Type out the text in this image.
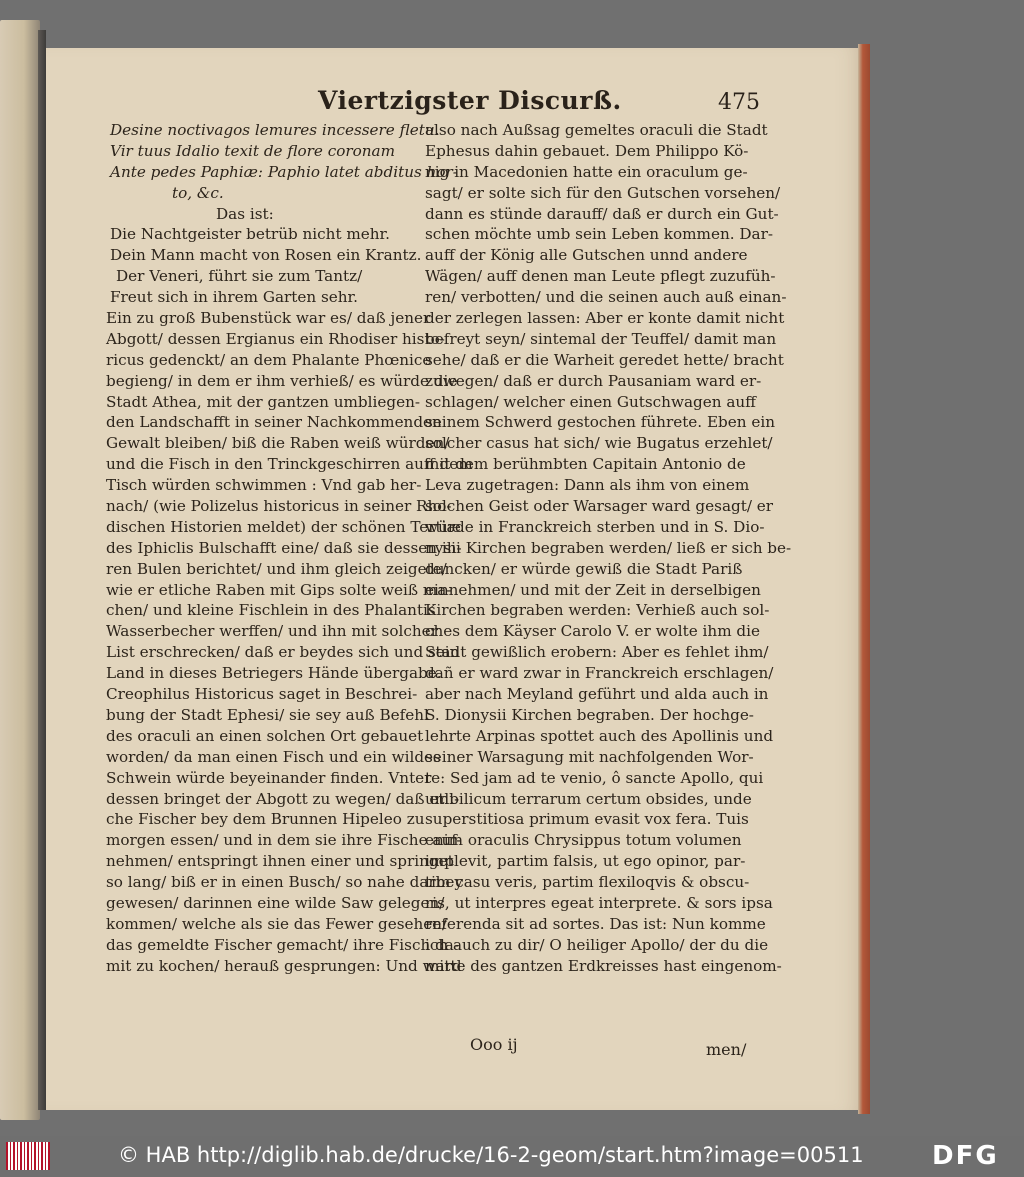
Viertzigster Discurß.	475
Desine noctivagos lemures incessere fletu.
Vir tuus Idalio texit de flore coronam
Ante pedes Paphiæ: Paphio latet abditus hor-
to, &c.
Das ist:
Die Nachtgeister betrüb nicht mehr.
Dein Mann macht von Rosen ein Krantz.
Der Veneri, führt sie zum Tantz/
Freut sich in ihrem Garten sehr.
Ein zu groß Bubenstück war es/ daß jener
Abgott/ dessen Ergianus ein Rhodiser histo-
ricus gedenckt/ an dem Phalante Phœnice
begieng/ in dem er ihm verhieß/ es würde die
Stadt Athea, mit der gantzen umbliegen-
den Landschafft in seiner Nachkommenden
Gewalt bleiben/ biß die Raben weiß würden/
und die Fisch in den Trinckgeschirren auff dem
Tisch würden schwimmen : Vnd gab her-
nach/ (wie Polizelus historicus in seiner Rho-
dischen Historien meldet) der schönen Tertiæ
des Iphiclis Bulschafft eine/ daß sie dessen ih-
ren Bulen berichtet/ und ihm gleich zeigete/
wie er etliche Raben mit Gips solte weiß ma-
chen/ und kleine Fischlein in des Phalantis
Wasserbecher werffen/ und ihn mit solcher
List erschrecken/ daß er beydes sich und sein
Land in dieses Betriegers Hände übergabe.
Creophilus Historicus saget in Beschrei-
bung der Stadt Ephesi/ sie sey auß Befehl
des oraculi an einen solchen Ort gebauet
worden/ da man einen Fisch und ein wildes
Schwein würde beyeinander finden. Vnter
dessen bringet der Abgott zu wegen/ daß etli-
che Fischer bey dem Brunnen Hipeleo zu
morgen essen/ und in dem sie ihre Fische auf-
nehmen/ entspringt ihnen einer und springet
so lang/ biß er in einen Busch/ so nahe darbey
gewesen/ darinnen eine wilde Saw gelegen/
kommen/ welche als sie das Fewer gesehen/
das gemeldte Fischer gemacht/ ihre Fisch da-
mit zu kochen/ herauß gesprungen: Und ward
also nach Außsag gemeltes oraculi die Stadt
Ephesus dahin gebauet. Dem Philippo Kö-
nig in Macedonien hatte ein oraculum ge-
sagt/ er solte sich für den Gutschen vorsehen/
dann es stünde darauff/ daß er durch ein Gut-
schen möchte umb sein Leben kommen. Dar-
auff der König alle Gutschen unnd andere
Wägen/ auff denen man Leute pflegt zuzufüh-
ren/ verbotten/ und die seinen auch auß einan-
der zerlegen lassen: Aber er konte damit nicht
befreyt seyn/ sintemal der Teuffel/ damit man
sehe/ daß er die Warheit geredet hette/ bracht
zuwegen/ daß er durch Pausaniam ward er-
schlagen/ welcher einen Gutschwagen auff
seinem Schwerd gestochen führete. Eben ein
solcher casus hat sich/ wie Bugatus erzehlet/
mit dem berühmbten Capitain Antonio de
Leva zugetragen: Dann als ihm von einem
solchen Geist oder Warsager ward gesagt/ er
würde in Franckreich sterben und in S. Dio-
nysii Kirchen begraben werden/ ließ er sich be-
duncken/ er würde gewiß die Stadt Pariß
einnehmen/ und mit der Zeit in derselbigen
Kirchen begraben werden: Verhieß auch sol-
ches dem Käyser Carolo V. er wolte ihm die
Stadt gewißlich erobern: Aber es fehlet ihm/
dañ er ward zwar in Franckreich erschlagen/
aber nach Meyland geführt und alda auch in
S. Dionysii Kirchen begraben. Der hochge-
lehrte Arpinas spottet auch des Apollinis und
seiner Warsagung mit nachfolgenden Wor-
te: Sed jam ad te venio, ô sancte Apollo, qui
umbilicum terrarum certum obsides, unde
superstitiosa primum evasit vox fera. Tuis
enim oraculis Chrysippus totum volumen
implevit, partim falsis, ut ego opinor, par-
tim casu veris, partim flexiloqvis & obscu-
ris, ut interpres egeat interprete. & sors ipsa
referenda sit ad sortes. Das ist: Nun komme
ich auch zu dir/ O heiliger Apollo/ der du die
mitte des gantzen Erdkreisses hast eingenom-
Ooo ij	men/
© HAB http://diglib.hab.de/drucke/16-2-geom/start.htm?image=00511	DFG
